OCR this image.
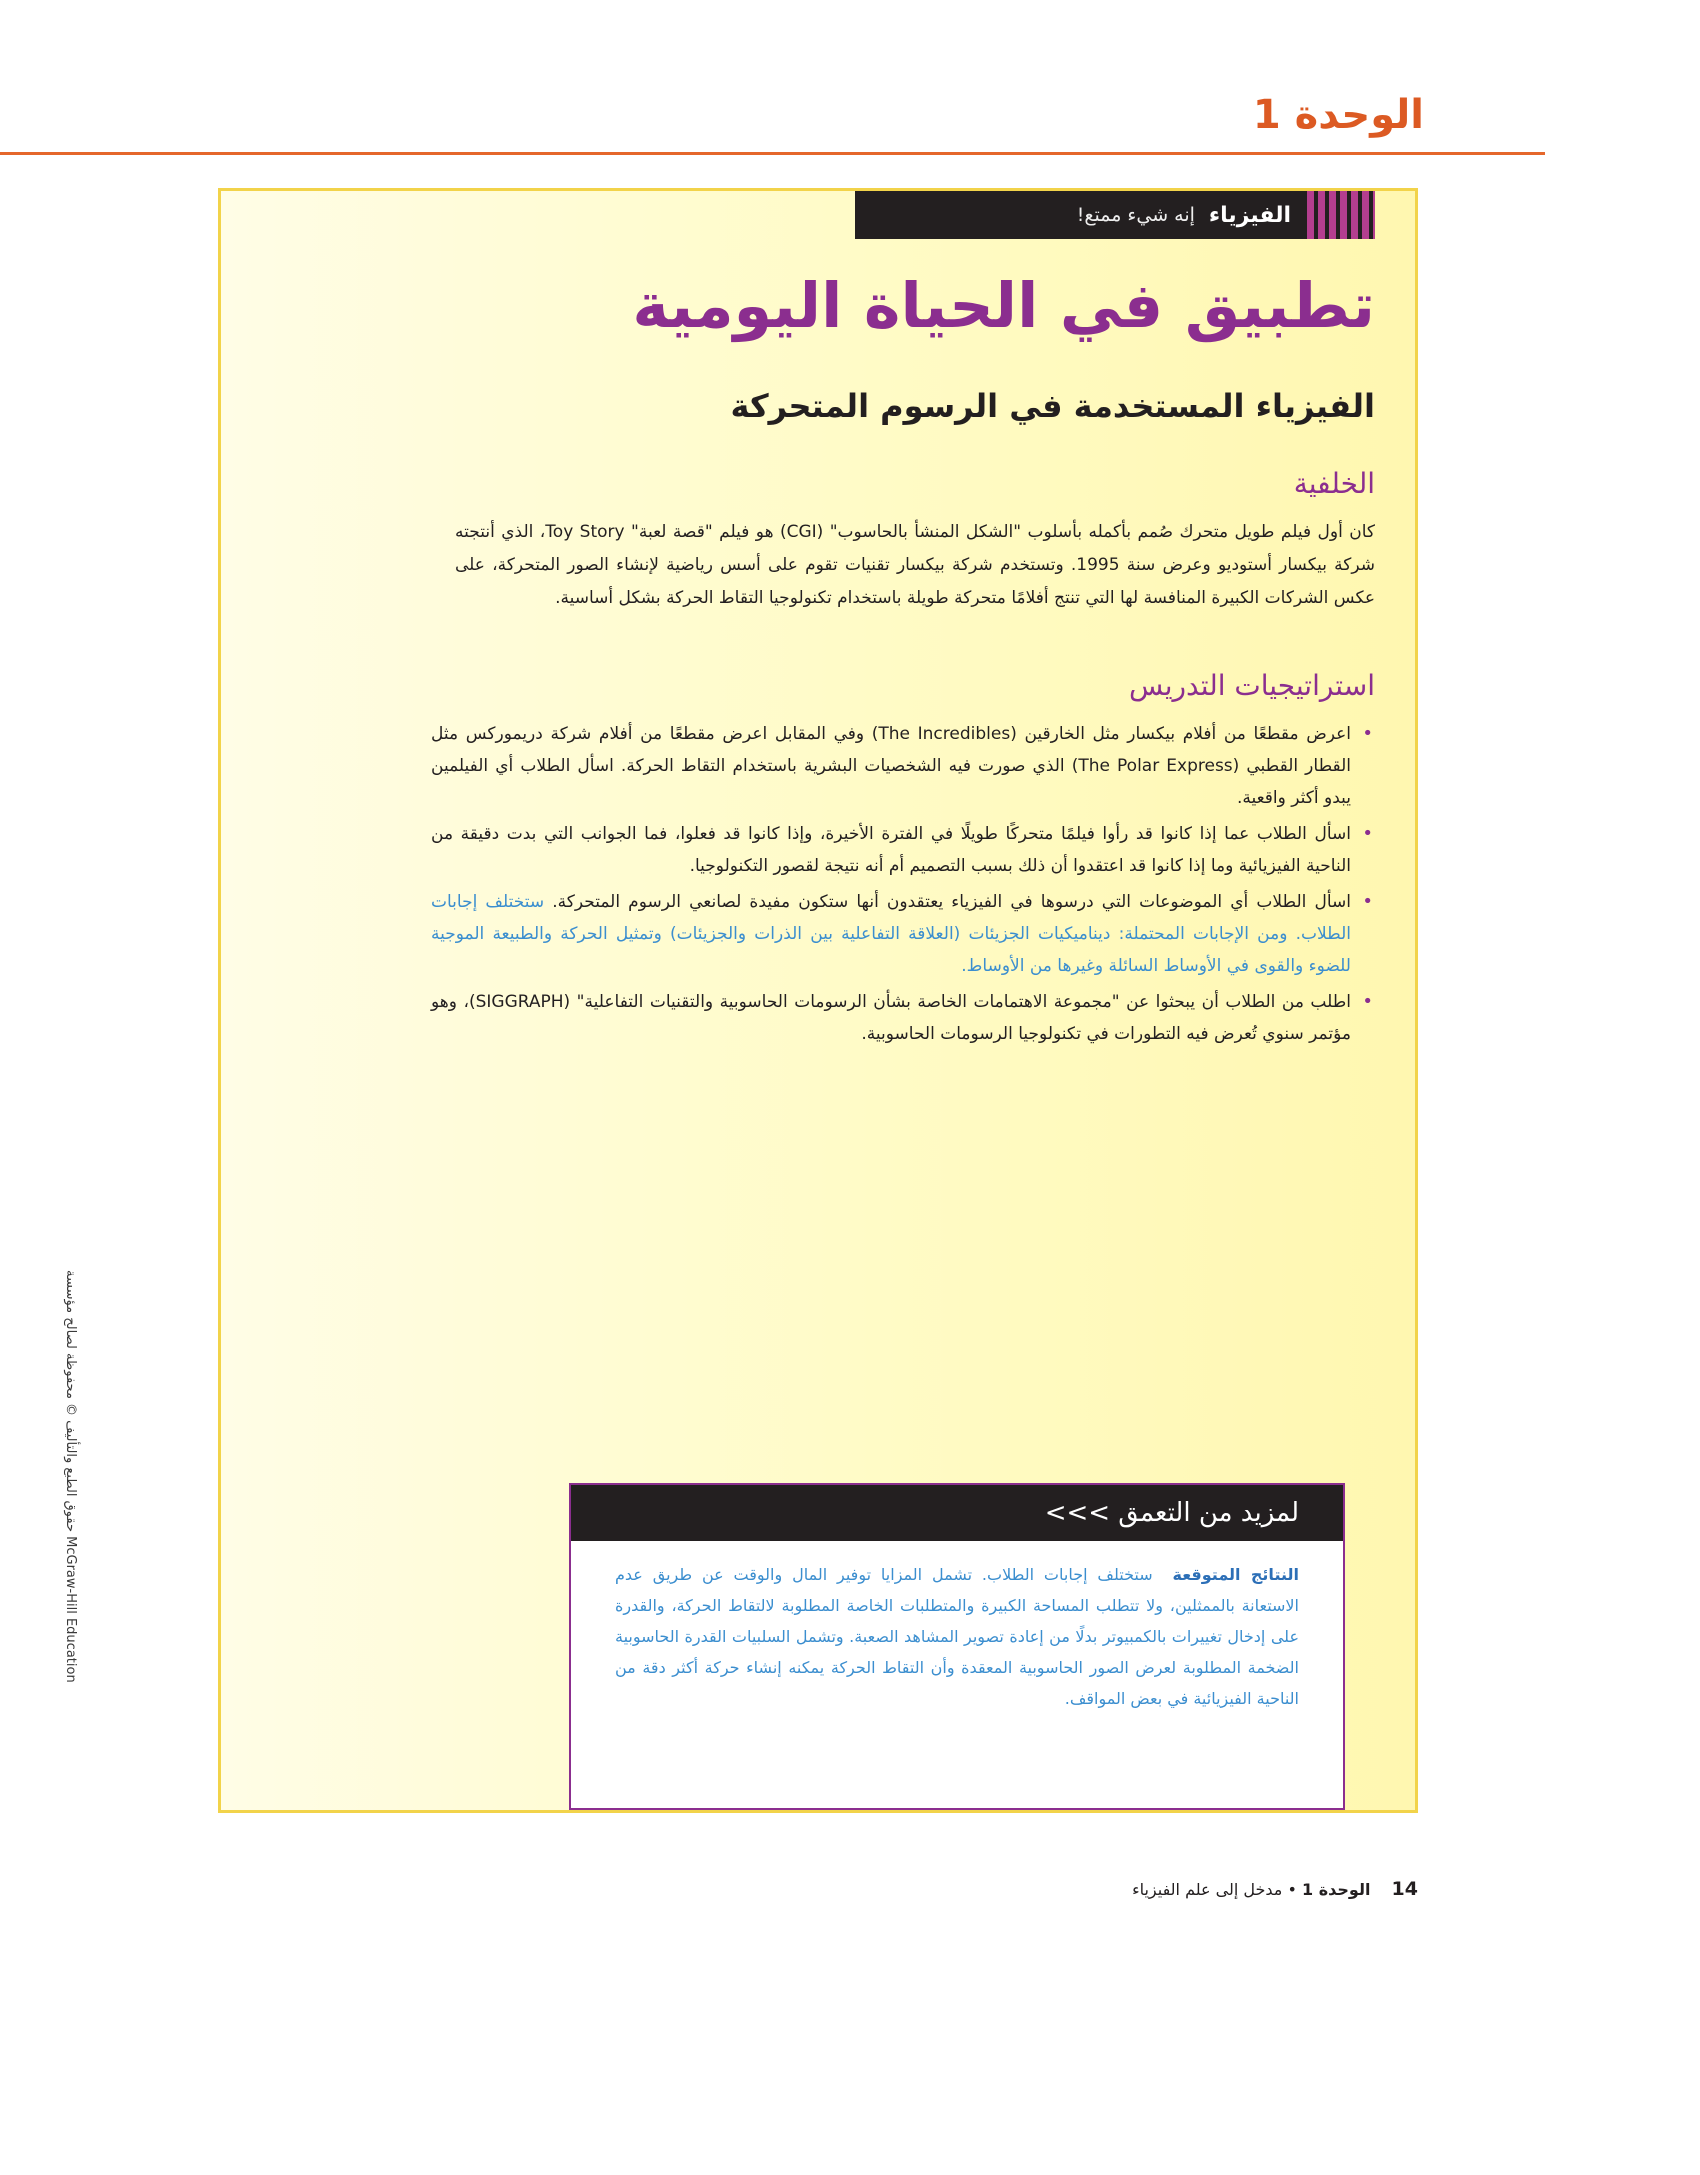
الوحدة 1
الفيزياء
إنه شيء ممتع!
تطبيق في الحياة اليومية
الفيزياء المستخدمة في الرسوم المتحركة
الخلفية
كان أول فيلم طويل متحرك صُمم بأكمله بأسلوب "الشكل المنشأ بالحاسوب" (CGI) هو فيلم "قصة لعبة" Toy Story، الذي أنتجته شركة بيكسار أستوديو وعرض سنة 1995. وتستخدم شركة بيكسار تقنيات تقوم على أسس رياضية لإنشاء الصور المتحركة، على عكس الشركات الكبيرة المنافسة لها التي تنتج أفلامًا متحركة طويلة باستخدام تكنولوجيا التقاط الحركة بشكل أساسية.
استراتيجيات التدريس
•
اعرض مقطعًا من أفلام بيكسار مثل الخارقين (The Incredibles) وفي المقابل اعرض مقطعًا من أفلام شركة دريموركس مثل القطار القطبي (The Polar Express) الذي صورت فيه الشخصيات البشرية باستخدام التقاط الحركة. اسأل الطلاب أي الفيلمين يبدو أكثر واقعية.
•
اسأل الطلاب عما إذا كانوا قد رأوا فيلمًا متحركًا طويلًا في الفترة الأخيرة، وإذا كانوا قد فعلوا، فما الجوانب التي بدت دقيقة من الناحية الفيزيائية وما إذا كانوا قد اعتقدوا أن ذلك بسبب التصميم أم أنه نتيجة لقصور التكنولوجيا.
•
اسأل الطلاب أي الموضوعات التي درسوها في الفيزياء يعتقدون أنها ستكون مفيدة لصانعي الرسوم المتحركة. ستختلف إجابات الطلاب. ومن الإجابات المحتملة: ديناميكيات الجزيئات (العلاقة التفاعلية بين الذرات والجزيئات) وتمثيل الحركة والطبيعة الموجية للضوء والقوى في الأوساط السائلة وغيرها من الأوساط.
•
اطلب من الطلاب أن يبحثوا عن "مجموعة الاهتمامات الخاصة بشأن الرسومات الحاسوبية والتقنيات التفاعلية" (SIGGRAPH)، وهو مؤتمر سنوي تُعرض فيه التطورات في تكنولوجيا الرسومات الحاسوبية.
لمزيد من التعمق >>>
النتائج المتوقعة ستختلف إجابات الطلاب. تشمل المزايا توفير المال والوقت عن طريق عدم الاستعانة بالممثلين، ولا تتطلب المساحة الكبيرة والمتطلبات الخاصة المطلوبة لالتقاط الحركة، والقدرة على إدخال تغييرات بالكمبيوتر بدلًا من إعادة تصوير المشاهد الصعبة. وتشمل السلبيات القدرة الحاسوبية الضخمة المطلوبة لعرض الصور الحاسوبية المعقدة وأن التقاط الحركة يمكنه إنشاء حركة أكثر دقة من الناحية الفيزيائية في بعض المواقف.
حقوق الطبع والتأليف © محفوظة لصالح مؤسسة McGraw-Hill Education
14 الوحدة 1 • مدخل إلى علم الفيزياء
